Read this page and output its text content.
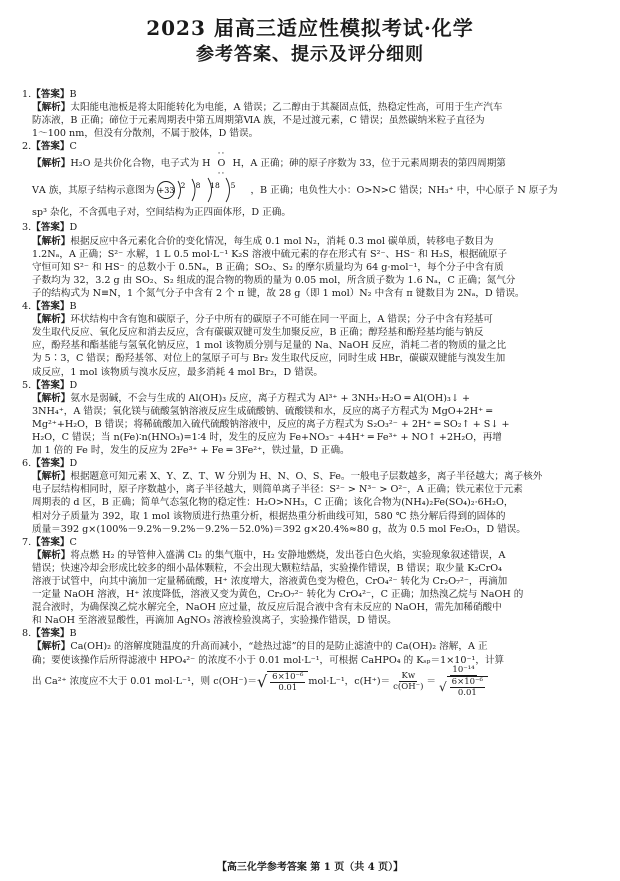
2023 届高三适应性模拟考试·化学
参考答案、提示及评分细则

1.【答案】B

【解析】太阳能电池板是将太阳能转化为电能，A 错误；乙二醇由于其凝固点低，热稳定性高，可用于生产汽车

防冻液，B 正确；碲位于元素周期表中第五周期第ⅥA 族，不是过渡元素，C 错误；虽然碳纳米粒子直径为

1～100 nm，但没有分散剂，不属于胶体，D 错误。

2.【答案】C

【解析】H₂O 是共价化合物，电子式为 H
··
O
··
H，A 正确；砷的原子序数为 33，位于元素周期表的第四周期第

ⅤA 族，其原子结构示意图为 +33
2 8 18 5 ，B 正确；电负性大小：O>N>C 错误；NH₃⁺ 中，中心原子 N 原子为

sp³ 杂化，不含孤电子对，空间结构为正四面体形，D 正确。

3.【答案】D

【解析】根据反应中各元素化合价的变化情况，每生成 0.1 mol N₂，消耗 0.3 mol 碳单质，转移电子数目为

1.2Nₐ，A 正确；S²⁻ 水解，1 L 0.5 mol·L⁻¹ K₂S 溶液中硫元素的存在形式有 S²⁻、HS⁻ 和 H₂S，根据硫原子

守恒可知 S²⁻ 和 HS⁻ 的总数小于 0.5Nₐ，B 正确；SO₂、S₂ 的摩尔质量均为 64 g·mol⁻¹，每个分子中含有质

子数均为 32，3.2 g 由 SO₂、S₂ 组成的混合物的物质的量为 0.05 mol，所含质子数为 1.6 Nₐ，C 正确；氮气分

子的结构式为 N≡N，1 个氮气分子中含有 2 个 π 键，故 28 g（即 1 mol）N₂ 中含有 π 键数目为 2Nₐ，D 错误。

4.【答案】B

【解析】环状结构中含有饱和碳原子，分子中所有的碳原子不可能在同一平面上，A 错误；分子中含有羟基可

发生取代反应、氧化反应和消去反应，含有碳碳双键可发生加聚反应，B 正确；醇羟基和酚羟基均能与钠反

应，酚羟基和酯基能与氢氧化钠反应，1 mol 该物质分别与足量的 Na、NaOH 反应，消耗二者的物质的量之比

为 5∶3，C 错误；酚羟基邻、对位上的氢原子可与 Br₂ 发生取代反应，同时生成 HBr，碳碳双键能与溴发生加

成反应，1 mol 该物质与溴水反应，最多消耗 4 mol Br₂，D 错误。

5.【答案】D

【解析】氨水是弱碱，不会与生成的 Al(OH)₃ 反应，离子方程式为 Al³⁺ + 3NH₃·H₂O ═ Al(OH)₃↓ +

3NH₄⁺，A 错误；氧化镁与硫酸氢钠溶液反应生成硫酸钠、硫酸镁和水，反应的离子方程式为 MgO+2H⁺ ═

Mg²⁺+H₂O，B 错误；将稀硫酸加入硫代硫酸钠溶液中，反应的离子方程式为 S₂O₃²⁻ + 2H⁺ ═ SO₂↑ + S↓ +

H₂O，C 错误；当 n(Fe)∶n(HNO₃)=1∶4 时，发生的反应为 Fe+NO₃⁻ +4H⁺ ═ Fe³⁺ + NO↑ +2H₂O，再增

加 1 倍的 Fe 时，发生的反应为 2Fe³⁺ + Fe ═ 3Fe²⁺，铁过量，D 正确。

6.【答案】D

【解析】根据题意可知元素 X、Y、Z、T、W 分别为 H、N、O、S、Fe。一般电子层数越多，离子半径越大；离子核外

电子层结构相同时，原子序数越小，离子半径越大，则简单离子半径：S²⁻ > N³⁻ > O²⁻，A 正确；铁元素位于元素

周期表的 d 区，B 正确；简单气态氢化物的稳定性：H₂O>NH₃，C 正确；该化合物为(NH₄)₂Fe(SO₄)₂·6H₂O，

相对分子质量为 392，取 1 mol 该物质进行热重分析，根据热重分析曲线可知，580 ℃ 热分解后得到的固体的

质量＝392 g×(100%－9.2%－9.2%－9.2%－52.0%)＝392 g×20.4%≈80 g，故为 0.5 mol Fe₂O₃，D 错误。

7.【答案】C

【解析】将点燃 H₂ 的导管伸入盛满 Cl₂ 的集气瓶中，H₂ 安静地燃烧，发出苍白色火焰，实验现象叙述错误，A

错误；快速冷却会形成比较多的细小晶体颗粒，不会出现大颗粒结晶，实验操作错误，B 错误；取少量 K₂CrO₄

溶液于试管中，向其中滴加一定量稀硫酸，H⁺ 浓度增大，溶液黄色变为橙色，CrO₄²⁻ 转化为 Cr₂O₇²⁻，再滴加

一定量 NaOH 溶液，H⁺ 浓度降低，溶液又变为黄色，Cr₂O₇²⁻ 转化为 CrO₄²⁻，C 正确；加热溴乙烷与 NaOH 的

混合液时，为确保溴乙烷水解完全，NaOH 应过量，故反应后混合液中含有未反应的 NaOH，需先加稀硝酸中

和 NaOH 至溶液显酸性，再滴加 AgNO₃ 溶液检验溴离子，实验操作错误，D 错误。

8.【答案】B

【解析】Ca(OH)₂ 的溶解度随温度的升高而减小，“趁热过滤”的目的是防止滤渣中的 Ca(OH)₂ 溶解，A 正

确；要使该操作后所得滤液中 HPO₄²⁻ 的浓度不小于 0.01 mol·L⁻¹，可根据 CaHPO₄ 的 Kₛₚ＝1×10⁻¹，计算

出 Ca²⁺ 浓度应不大于 0.01 mol·L⁻¹，则 c(OH⁻)＝ √ $\frac{\text{6×10⁻⁶}}{0.01} mol\cdot L^{-1}$，$c(H^+)= \frac{Kw}{c(OH^-)} = \frac{\text{10⁻¹⁴}}{√ \frac{\text{6×10⁻⁶}}{0.01}}$
【高三化学参考答案 第 1 页（共 4 页）】
